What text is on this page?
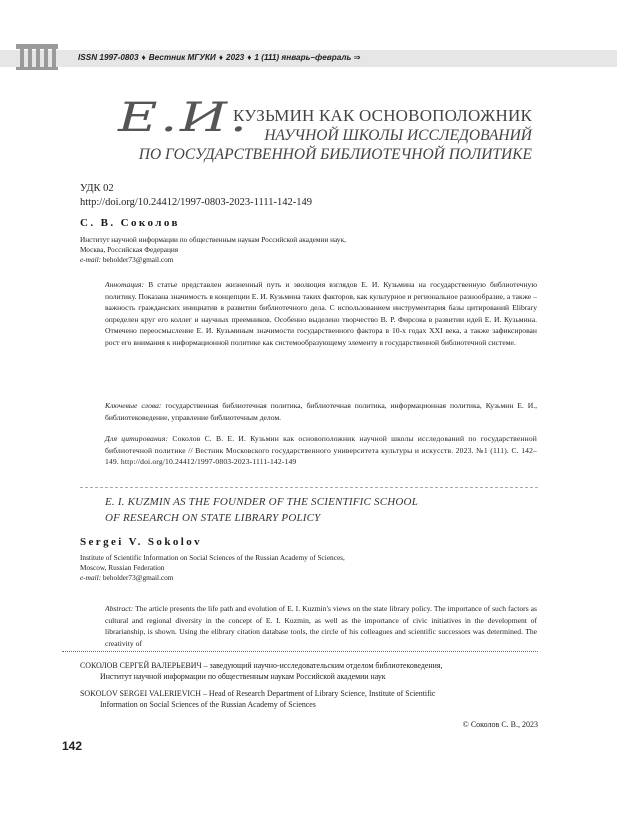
ISSN 1997-0803 ♦ Вестник МГУКИ ♦ 2023 ♦ 1 (111) январь–февраль ⇒
Е.И.
КУЗЬМИН КАК ОСНОВОПОЛОЖНИК
НАУЧНОЙ ШКОЛЫ ИССЛЕДОВАНИЙ
ПО ГОСУДАРСТВЕННОЙ БИБЛИОТЕЧНОЙ ПОЛИТИКЕ
УДК 02
http://doi.org/10.24412/1997-0803-2023-1111-142-149
С. В. Соколов
Институт научной информации по общественным наукам Российской академии наук,
Москва, Российская Федерация
e-mail: beholder73@gmail.com
Аннотация: В статье представлен жизненный путь и эволюция взглядов Е. И. Кузьмина на государственную библиотечную политику. Показана значимость в концепции Е. И. Кузьмина таких факторов, как культурное и региональное разнообразие, а также – важность гражданских инициатив в развитии библиотечного дела. С использованием инструментария базы цитирований Elibrary определен круг его коллег и научных преемников. Особенно выделено творчество В. Р. Фирсова в развитии идей Е. И. Кузьмина. Отмечено переосмысление Е. И. Кузьминым значимости государственного фактора в 10-х годах XXI века, а также зафиксирован рост его внимания к информационной политике как системообразующему элементу в государственной библиотечной системе.
Ключевые слова: государственная библиотечная политика, библиотечная политика, информационная политика, Кузьмин Е. И., библиотековедение, управление библиотечным делом.
Для цитирования: Соколов С. В. Е. И. Кузьмин как основоположник научной школы исследований по государственной библиотечной политике // Вестник Московского государственного университета культуры и искусств. 2023. №1 (111). С. 142–149. http://doi.org/10.24412/1997-0803-2023-1111-142-149
E. I. KUZMIN AS THE FOUNDER OF THE SCIENTIFIC SCHOOL
OF RESEARCH ON STATE LIBRARY POLICY
Sergei V. Sokolov
Institute of Scientific Information on Social Sciences of the Russian Academy of Sciences,
Moscow, Russian Federation
e-mail: beholder73@gmail.com
Abstract: The article presents the life path and evolution of E. I. Kuzmin's views on the state library policy. The importance of such factors as cultural and regional diversity in the concept of E. I. Kuzmin, as well as the importance of civic initiatives in the development of librarianship, is shown. Using the elibrary citation database tools, the circle of his colleagues and scientific successors was determined. The creativity of
СОКОЛОВ СЕРГЕЙ ВАЛЕРЬЕВИЧ – заведующий научно-исследовательским отделом библиотековедения,
Институт научной информации по общественным наукам Российской академии наук
SOKOLOV SERGEI VALERIEVICH – Head of Research Department of Library Science, Institute of Scientific
Information on Social Sciences of the Russian Academy of Sciences
© Соколов С. В., 2023
142
